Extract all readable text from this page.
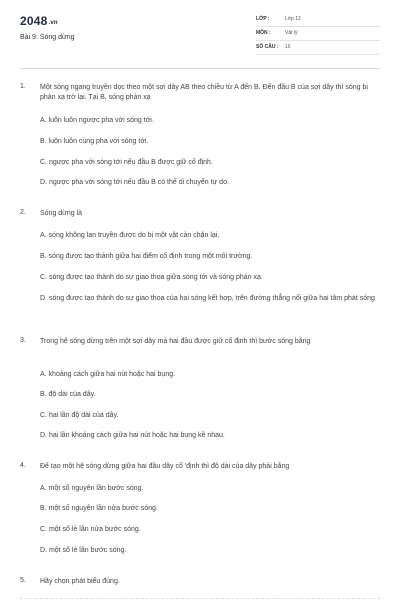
2048.vn
Bài 9: Sóng dừng
LỚP :	Lớp 12
MÔN :	Vật lý
SỐ CÂU : 16
1. Một sóng ngang truyền dọc theo một sợi dây AB theo chiều từ A đến B. Đến đầu B của sợi dây thì sóng bị phản xạ trở lại. Tại B, sóng phản xạ

A. luôn luôn ngược pha với sóng tới.
B. luôn luôn cùng pha với sóng tới.
C. ngược pha với sóng tới nếu đầu B được giữ cố định.
D. ngược pha với sóng tới nếu đầu B có thể di chuyển tự do.
2. Sóng dừng là

A. sóng không lan truyền được do bị một vật cản chặn lại.
B. sóng được tạo thành giữa hai điểm cố định trong một môi trường.
C. sóng được tạo thành do sự giao thoa giữa sóng tới và sóng phản xạ.
D. sóng được tạo thành do sự giao thoa của hai sóng kết hợp, trên đường thẳng nối giữa hai tâm phát sóng
3. Trong hệ sóng dừng trên một sợi dây mà hai đầu được giữ cố định thì bước sóng bằng

A. khoảng cách giữa hai nút hoặc hai bụng.
B. độ dài của dây.
C. hai lần độ dài của dây.
D. hai lần khoảng cách giữa hai nút hoặc hai bụng kề nhau.
4. Để tạo một hệ sóng dừng giữa hai đầu dây cố 'định thì độ dài của dây phải bằng

A. một số nguyên lần bước sóng.
B. một số nguyên lần nửa bước sóng.
C. một số lẻ lần nửa bước sóng.
D. một số lẻ lần bước sóng.
5. Hãy chọn phát biểu đúng.
